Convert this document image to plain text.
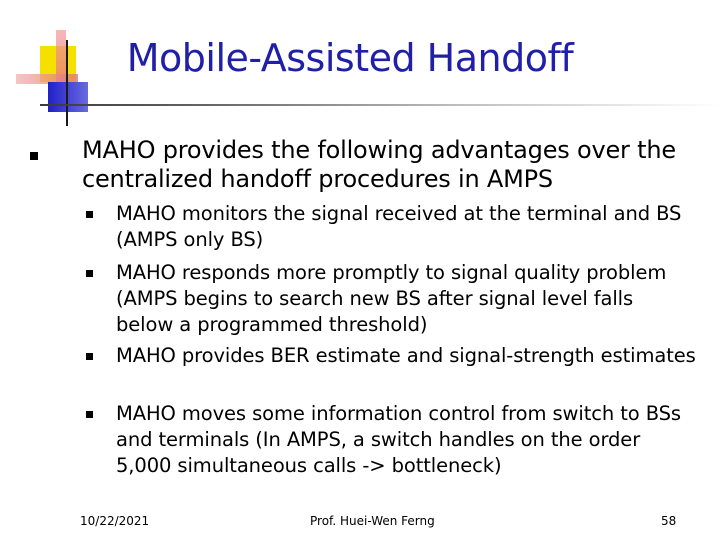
Mobile-Assisted Handoff
MAHO provides the following advantages over the centralized handoff procedures in AMPS
MAHO monitors the signal received at the terminal and BS (AMPS only BS)
MAHO responds more promptly to signal quality problem (AMPS begins to search new BS after signal level falls below a programmed threshold)
MAHO provides BER estimate and signal-strength estimates
MAHO moves some information control from switch to BSs and terminals (In AMPS, a switch handles on the order 5,000 simultaneous calls -> bottleneck)
10/22/2021	Prof. Huei-Wen Ferng	58
